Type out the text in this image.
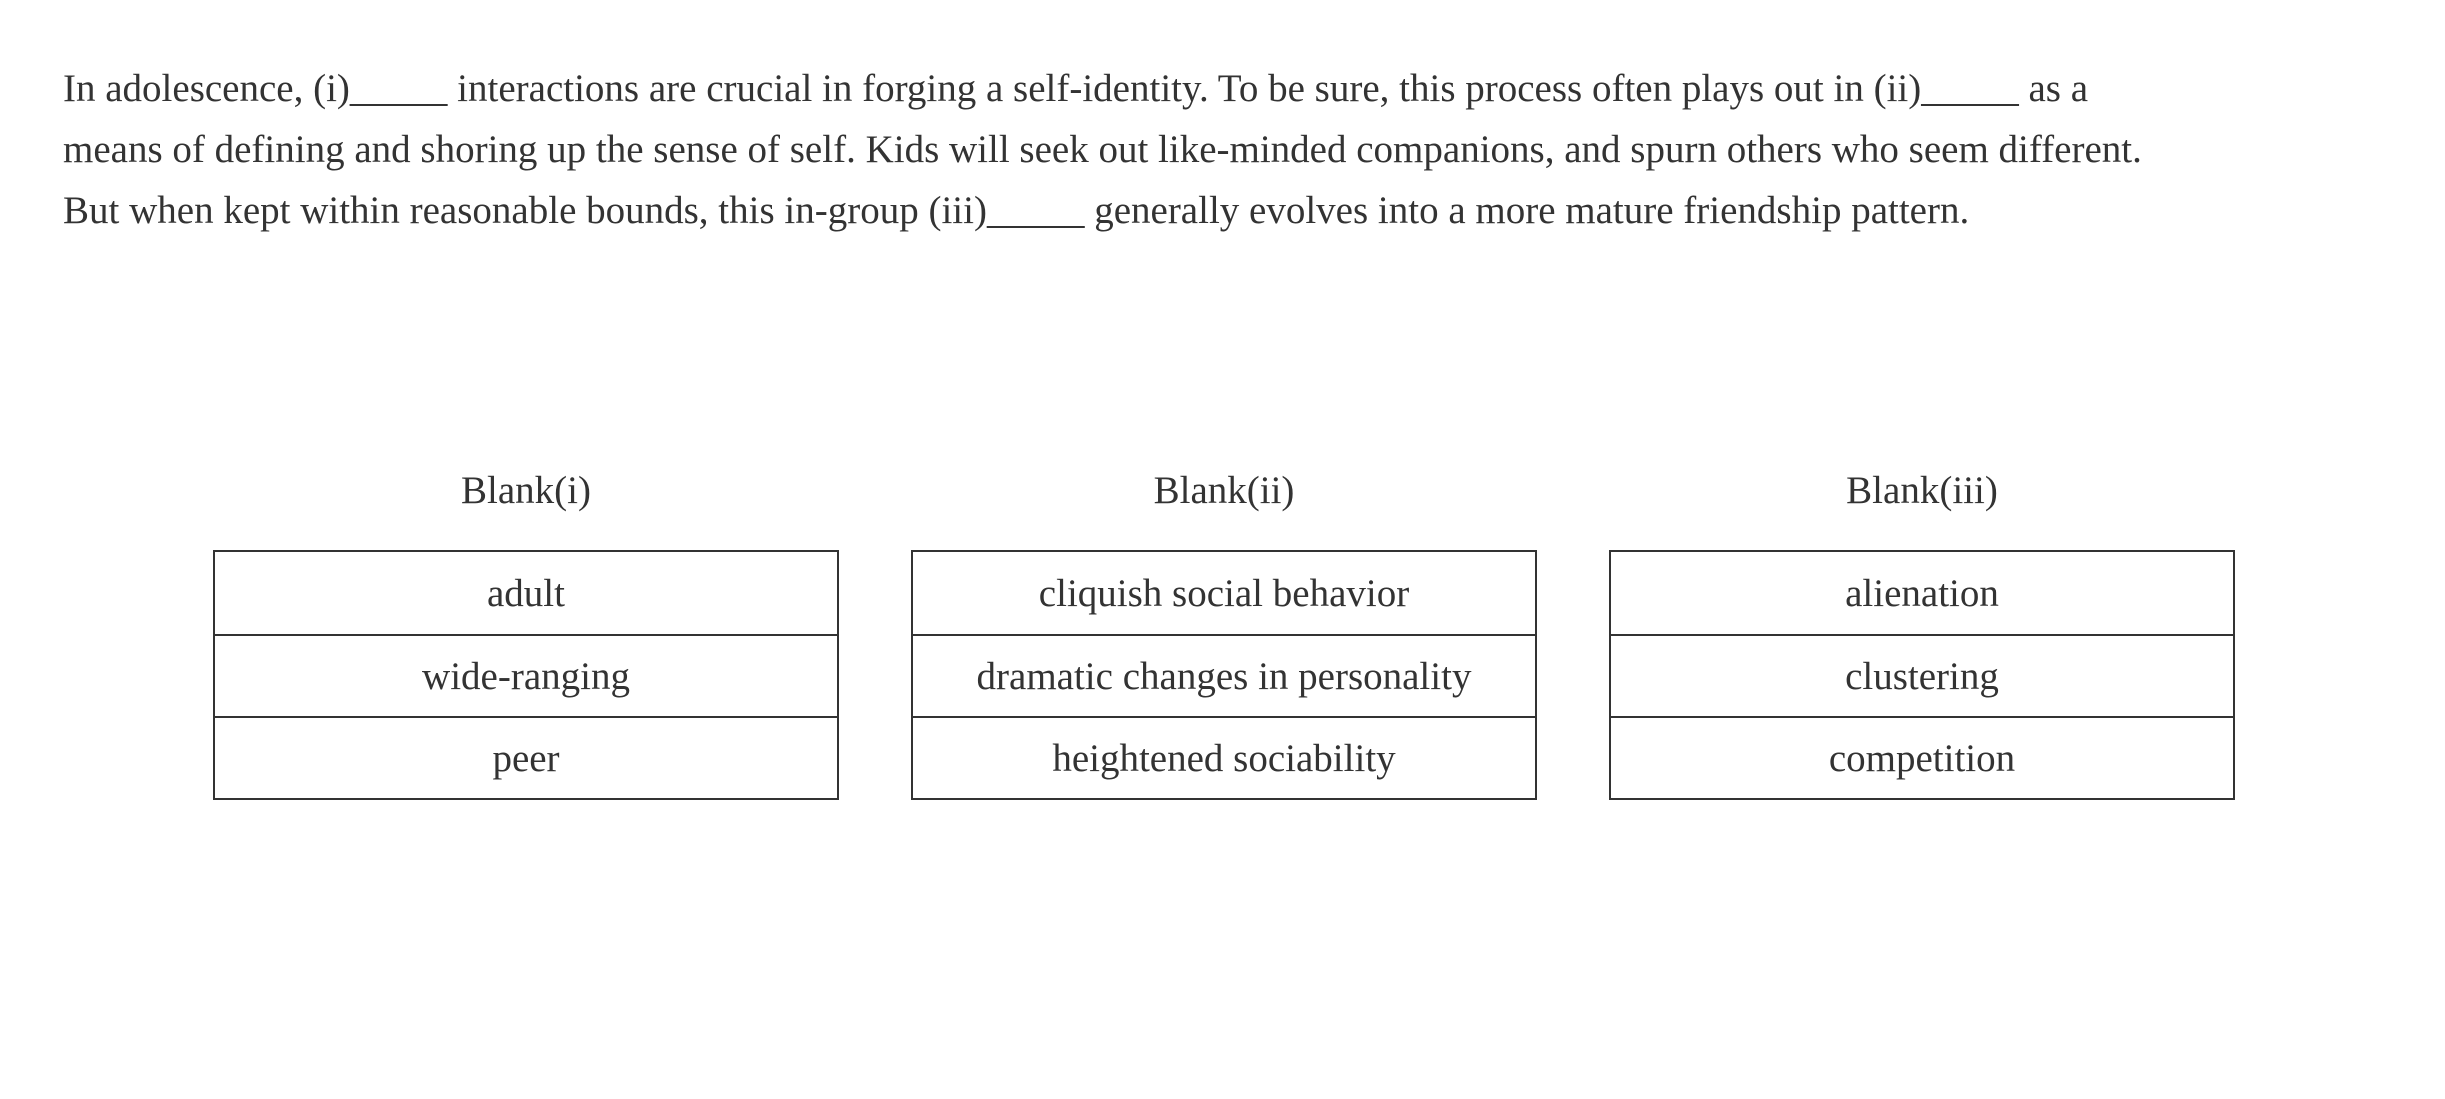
In adolescence, (i)_____ interactions are crucial in forging a self-identity. To be sure, this process often plays out in (ii)_____ as a
means of defining and shoring up the sense of self. Kids will seek out like-minded companions, and spurn others who seem different.
But when kept within reasonable bounds, this in-group (iii)_____ generally evolves into a more mature friendship pattern.

Blank(i)
adult
wide-ranging
peer
Blank(ii)
cliquish social behavior
dramatic changes in personality
heightened sociability
Blank(iii)
alienation
clustering
competition
